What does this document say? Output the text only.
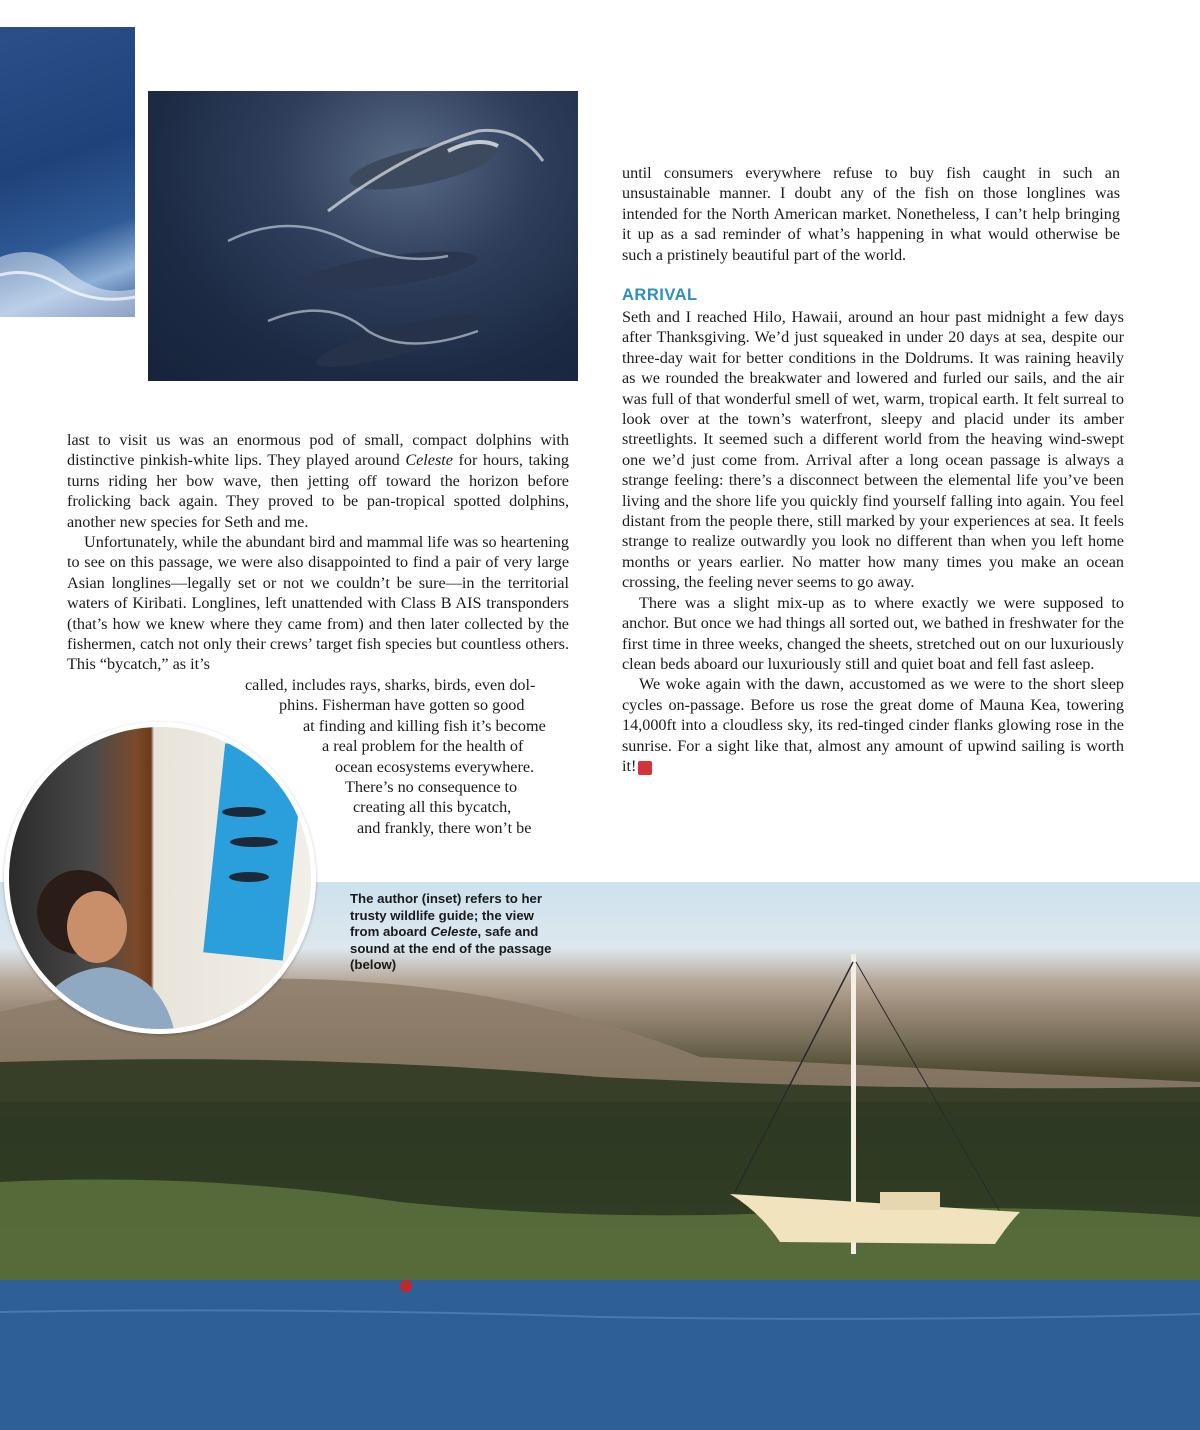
until consumers everywhere refuse to buy fish caught in such an unsustainable manner. I doubt any of the fish on those longlines was intended for the North American market. Nonetheless, I can’t help bringing it up as a sad reminder of what’s happening in what would otherwise be such a pristinely beautiful part of the world.

ARRIVAL

Seth and I reached Hilo, Hawaii, around an hour past midnight a few days after Thanksgiving. We’d just squeaked in under 20 days at sea, despite our three-day wait for better conditions in the Doldrums. It was raining heavily as we rounded the breakwater and lowered and furled our sails, and the air was full of that wonderful smell of wet, warm, tropical earth. It felt surreal to look over at the town’s waterfront, sleepy and placid under its amber streetlights. It seemed such a different world from the heaving wind-swept one we’d just come from. Arrival after a long ocean passage is always a strange feeling: there’s a disconnect between the elemental life you’ve been living and the shore life you quickly find yourself falling into again. You feel distant from the people there, still marked by your experiences at sea. It feels strange to realize outwardly you look no different than when you left home months or years earlier. No matter how many times you make an ocean crossing, the feeling never seems to go away.

There was a slight mix-up as to where exactly we were supposed to anchor. But once we had things all sorted out, we bathed in freshwater for the first time in three weeks, changed the sheets, stretched out on our luxuriously clean beds aboard our luxuriously still and quiet boat and fell fast asleep.

We woke again with the dawn, accustomed as we were to the short sleep cycles on-passage. Before us rose the great dome of Mauna Kea, towering 14,000ft into a cloudless sky, its red-tinged cinder flanks glowing rose in the sunrise. For a sight like that, almost any amount of upwind sailing is worth it! S

last to visit us was an enormous pod of small, compact dolphins with distinctive pinkish-white lips. They played around Celeste for hours, taking turns riding her bow wave, then jetting off toward the horizon before frolicking back again. They proved to be pan-tropical spotted dolphins, another new species for Seth and me.

Unfortunately, while the abundant bird and mammal life was so heartening to see on this passage, we were also disappointed to find a pair of very large Asian longlines—legally set or not we couldn’t be sure—in the territorial waters of Kiribati. Longlines, left unattended with Class B AIS transponders (that’s how we knew where they came from) and then later collected by the fishermen, catch not only their crews’ target fish species but countless others. This “bycatch,” as it’s

called, includes rays, sharks, birds, even dol-
phins. Fisherman have gotten so good
at finding and killing fish it’s become
a real problem for the health of
ocean ecosystems everywhere.
There’s no consequence to
creating all this bycatch,
and frankly, there won’t be

The author (inset) refers to her trusty wildlife guide; the view from aboard Celeste, safe and sound at the end of the passage (below)
